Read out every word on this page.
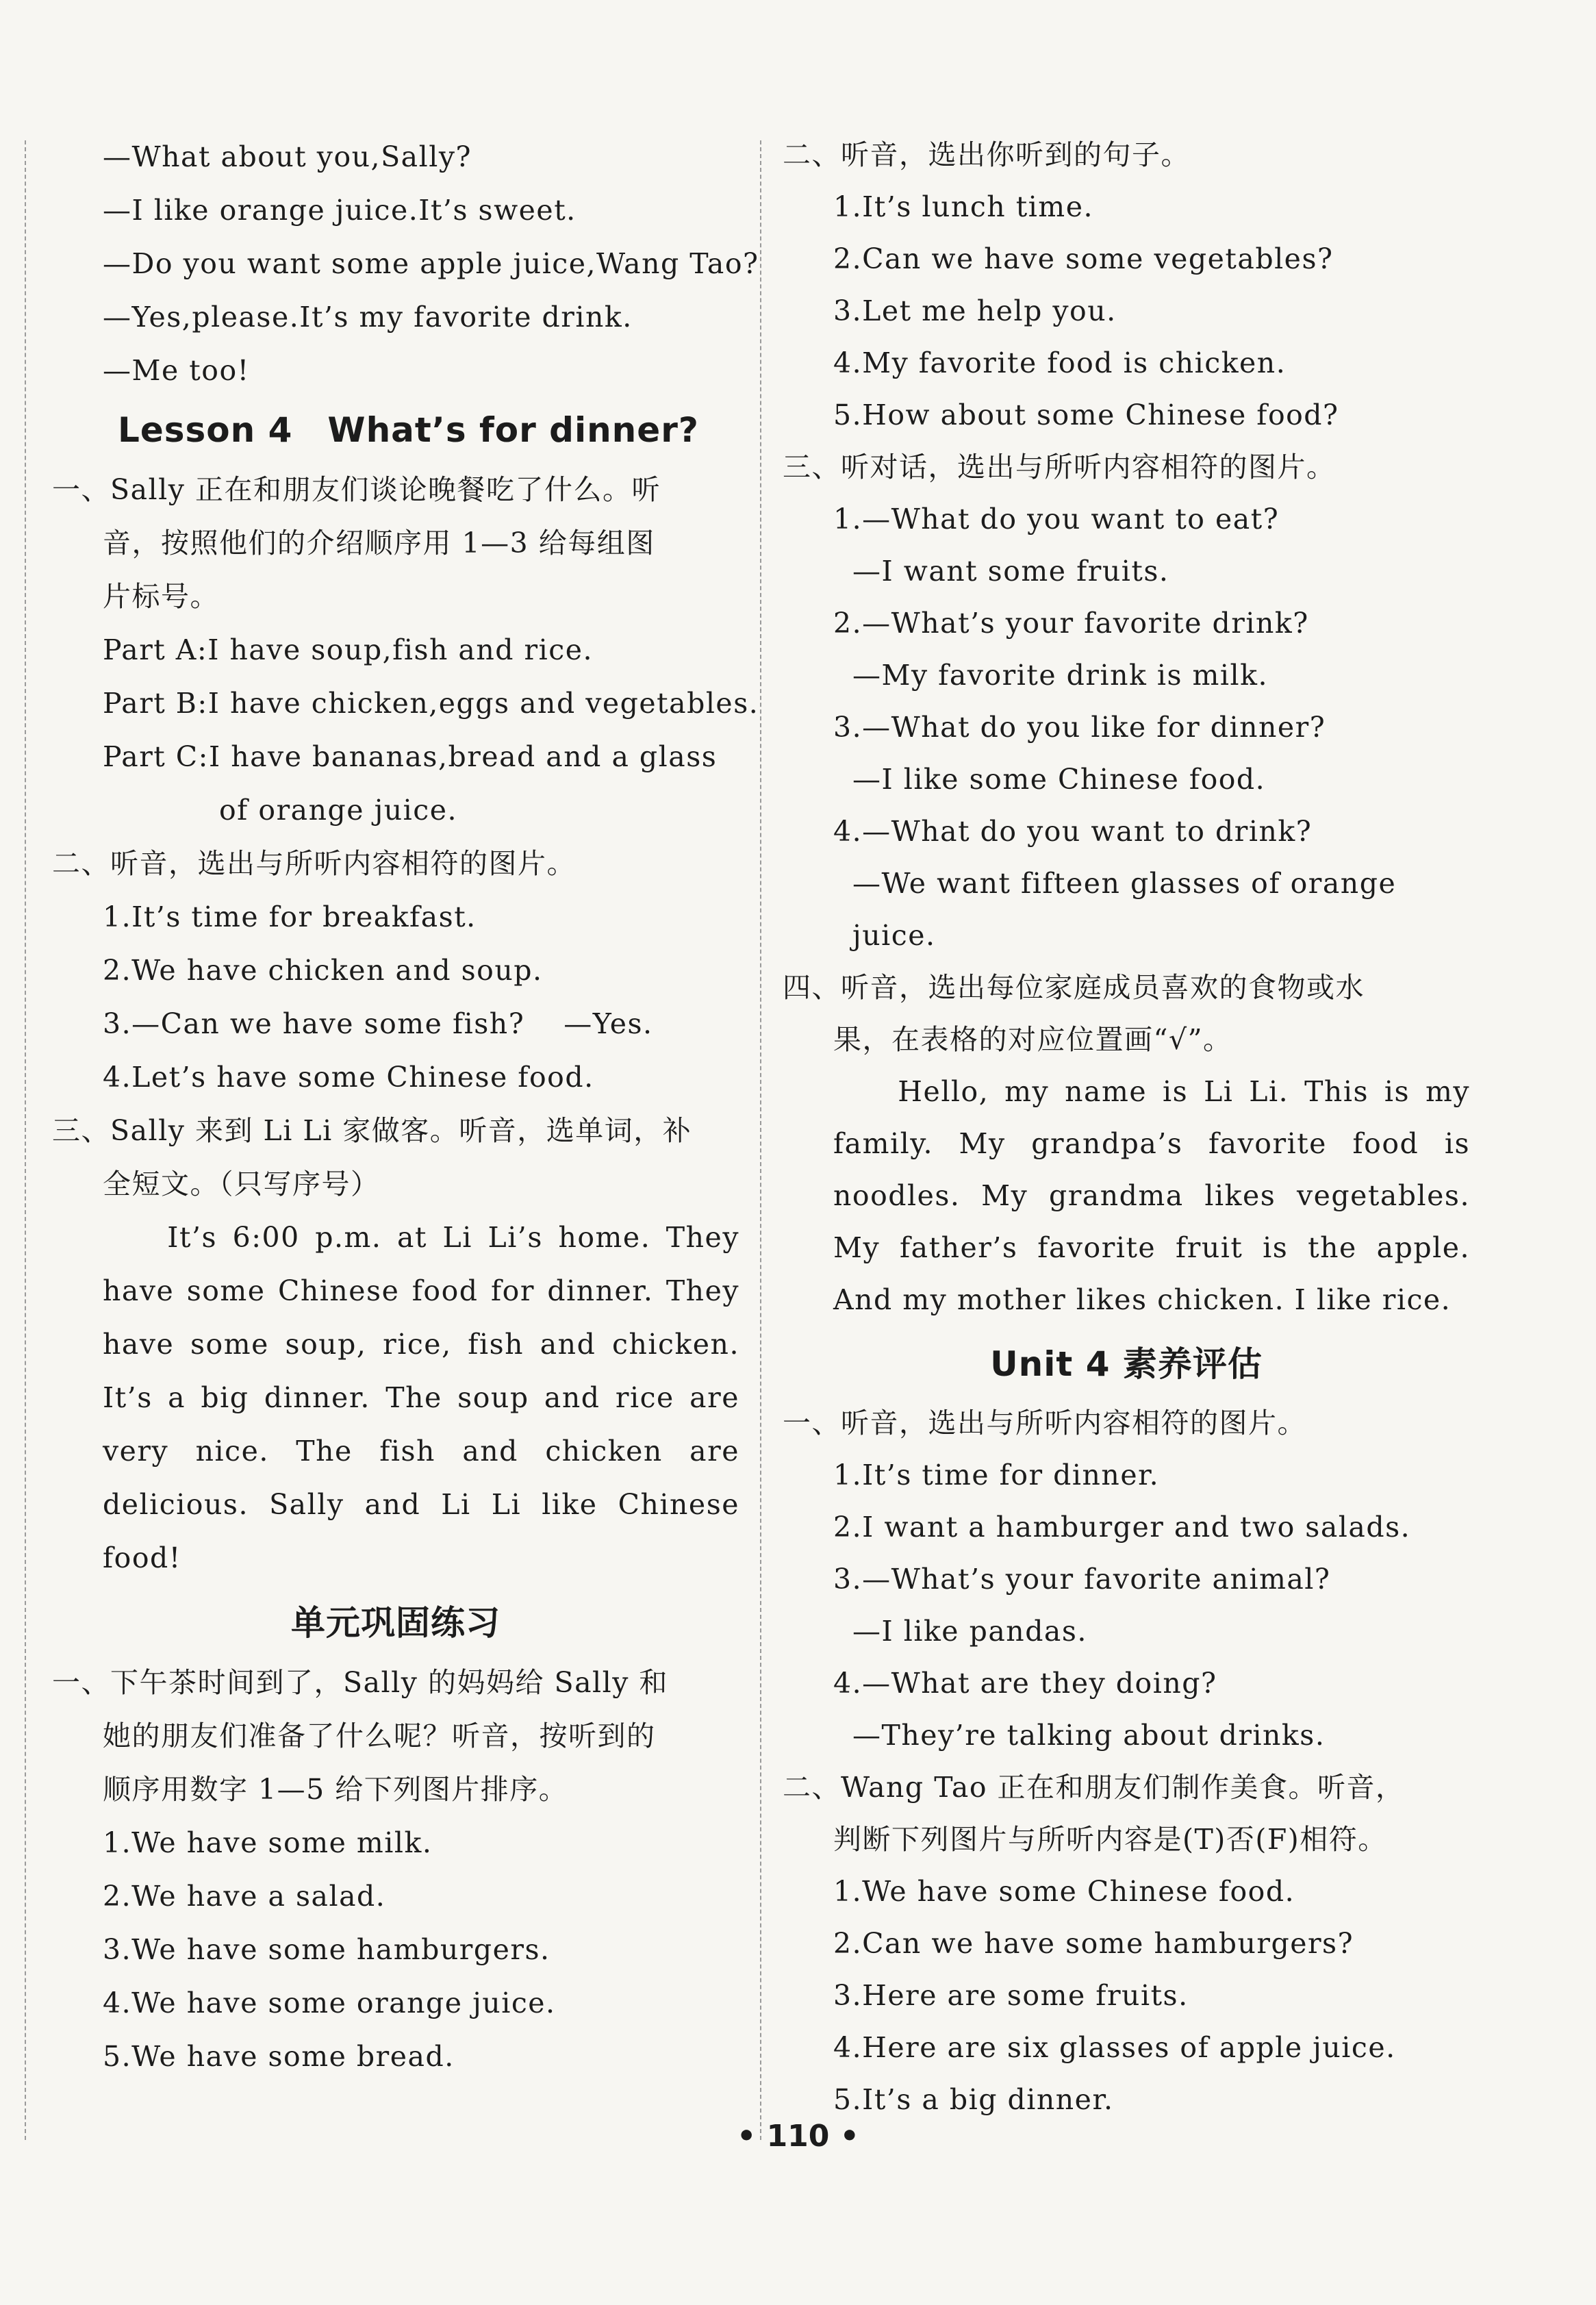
—What about you,Sally?
—I like orange juice.It’s sweet.
—Do you want some apple juice,Wang Tao?
—Yes,please.It’s my favorite drink.
—Me too!
Lesson 4　What’s for dinner?
一、Sally 正在和朋友们谈论晚餐吃了什么。听
音，按照他们的介绍顺序用 1—3 给每组图
片标号。
Part A:I have soup,fish and rice.
Part B:I have chicken,eggs and vegetables.
Part C:I have bananas,bread and a glass
of orange juice.
二、听音，选出与所听内容相符的图片。
1.It’s time for breakfast.
2.We have chicken and soup.
3.—Can we have some fish?　 —Yes.
4.Let’s have some Chinese food.
三、Sally 来到 Li Li 家做客。听音，选单词，补
全短文。（只写序号）
It’s 6:00 p.m. at Li Li’s home. They have some Chinese food for dinner. They have some soup, rice, fish and chicken. It’s a big dinner. The soup and rice are very nice. The fish and chicken are delicious. Sally and Li Li like Chinese food!
单元巩固练习
一、下午茶时间到了，Sally 的妈妈给 Sally 和
她的朋友们准备了什么呢？听音，按听到的
顺序用数字 1—5 给下列图片排序。
1.We have some milk.
2.We have a salad.
3.We have some hamburgers.
4.We have some orange juice.
5.We have some bread.
二、听音，选出你听到的句子。
1.It’s lunch time.
2.Can we have some vegetables?
3.Let me help you.
4.My favorite food is chicken.
5.How about some Chinese food?
三、听对话，选出与所听内容相符的图片。
1.—What do you want to eat?
—I want some fruits.
2.—What’s your favorite drink?
—My favorite drink is milk.
3.—What do you like for dinner?
—I like some Chinese food.
4.—What do you want to drink?
—We want fifteen glasses of orange
juice.
四、听音，选出每位家庭成员喜欢的食物或水
果，在表格的对应位置画“√”。
Hello, my name is Li Li. This is my family. My grandpa’s favorite food is noodles. My grandma likes vegetables. My father’s favorite fruit is the apple. And my mother likes chicken. I like rice.
Unit 4 素养评估
一、听音，选出与所听内容相符的图片。
1.It’s time for dinner.
2.I want a hamburger and two salads.
3.—What’s your favorite animal?
—I like pandas.
4.—What are they doing?
—They’re talking about drinks.
二、Wang Tao 正在和朋友们制作美食。听音，
判断下列图片与所听内容是(T)否(F)相符。
1.We have some Chinese food.
2.Can we have some hamburgers?
3.Here are some fruits.
4.Here are six glasses of apple juice.
5.It’s a big dinner.
• 110 •
